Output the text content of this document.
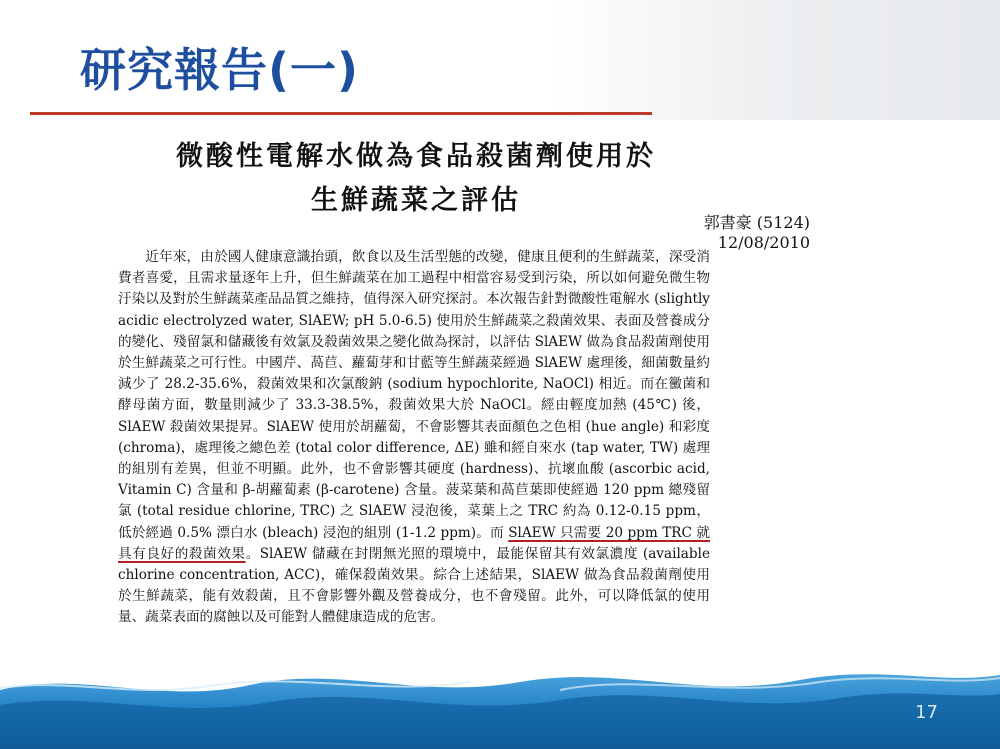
研究報告(一)
微酸性電解水做為食品殺菌劑使用於
生鮮蔬菜之評估
郭書豪 (5124)
12/08/2010

近年來，由於國人健康意識抬頭，飲食以及生活型態的改變，健康且便利的生鮮蔬菜，深受消費者喜愛，且需求量逐年上升，但生鮮蔬菜在加工過程中相當容易受到污染，所以如何避免微生物汙染以及對於生鮮蔬菜產品品質之維持，值得深入研究探討。本次報告針對微酸性電解水 (slightly acidic electrolyzed water, SlAEW; pH 5.0-6.5) 使用於生鮮蔬菜之殺菌效果、表面及營養成分的變化、殘留氯和儲藏後有效氯及殺菌效果之變化做為探討，以評估 SlAEW 做為食品殺菌劑使用於生鮮蔬菜之可行性。中國芹、萵苣、蘿蔔芽和甘藍等生鮮蔬菜經過 SlAEW 處理後，細菌數量約減少了 28.2-35.6%，殺菌效果和次氯酸鈉 (sodium hypochlorite, NaOCl) 相近。而在黴菌和酵母菌方面，數量則減少了 33.3-38.5%，殺菌效果大於 NaOCl。經由輕度加熱 (45℃) 後，SlAEW 殺菌效果提昇。SlAEW 使用於胡蘿蔔，不會影響其表面顏色之色相 (hue angle) 和彩度 (chroma)，處理後之總色差 (total color difference, ΔE) 雖和經自來水 (tap water, TW) 處理的組別有差異，但並不明顯。此外，也不會影響其硬度 (hardness)、抗壞血酸 (ascorbic acid, Vitamin C) 含量和 β-胡蘿蔔素 (β-carotene) 含量。菠菜葉和萵苣葉即使經過 120 ppm 總殘留氯 (total residue chlorine, TRC) 之 SlAEW 浸泡後，菜葉上之 TRC 約為 0.12-0.15 ppm，低於經過 0.5% 漂白水 (bleach) 浸泡的組別 (1-1.2 ppm)。而 SlAEW 只需要 20 ppm TRC 就具有良好的殺菌效果。SlAEW 儲藏在封閉無光照的環境中，最能保留其有效氯濃度 (available chlorine concentration, ACC)，確保殺菌效果。綜合上述結果，SlAEW 做為食品殺菌劑使用於生鮮蔬菜，能有效殺菌，且不會影響外觀及營養成分，也不會殘留。此外，可以降低氯的使用量、蔬菜表面的腐蝕以及可能對人體健康造成的危害。

17
